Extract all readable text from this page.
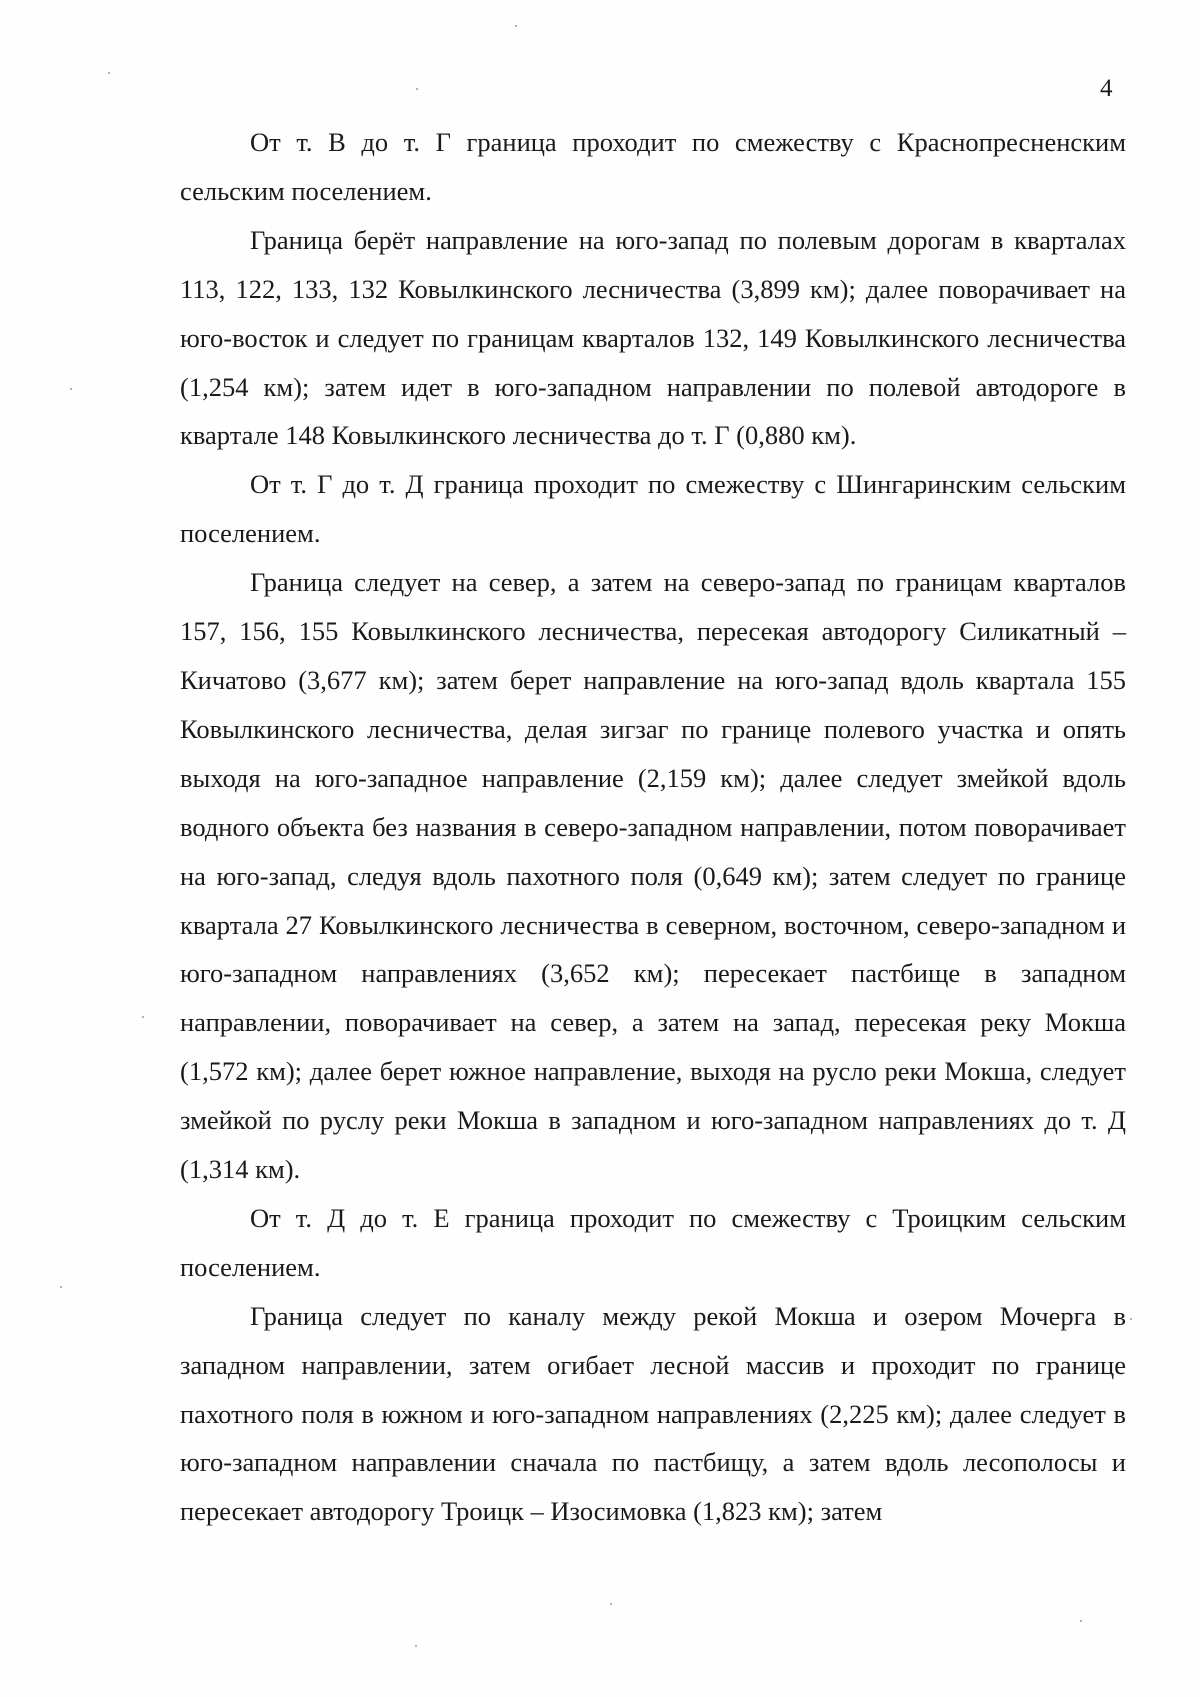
4

От т. В до т. Г граница проходит по смежеству с Краснопресненским сельским поселением.

Граница берёт направление на юго-запад по полевым дорогам в кварталах 113, 122, 133, 132 Ковылкинского лесничества (3,899 км); далее поворачивает на юго-восток и следует по границам кварталов 132, 149 Ковылкинского лесничества (1,254 км); затем идет в юго-западном направлении по полевой автодороге в квартале 148 Ковылкинского лесничества до т. Г (0,880 км).

От т. Г до т. Д граница проходит по смежеству с Шингаринским сельским поселением.

Граница следует на север, а затем на северо-запад по границам кварталов 157, 156, 155 Ковылкинского лесничества, пересекая автодорогу Силикатный – Кичатово (3,677 км); затем берет направление на юго-запад вдоль квартала 155 Ковылкинского лесничества, делая зигзаг по границе полевого участка и опять выходя на юго-западное направление (2,159 км); далее следует змейкой вдоль водного объекта без названия в северо-западном направлении, потом поворачивает на юго-запад, следуя вдоль пахотного поля (0,649 км); затем следует по границе квартала 27 Ковылкинского лесничества в северном, восточном, северо-западном и юго-западном направлениях (3,652 км); пересекает пастбище в западном направлении, поворачивает на север, а затем на запад, пересекая реку Мокша (1,572 км); далее берет южное направление, выходя на русло реки Мокша, следует змейкой по руслу реки Мокша в западном и юго-западном направлениях до т. Д (1,314 км).

От т. Д до т. Е граница проходит по смежеству с Троицким сельским поселением.

Граница следует по каналу между рекой Мокша и озером Мочерга в западном направлении, затем огибает лесной массив и проходит по границе пахотного поля в южном и юго-западном направлениях (2,225 км); далее следует в юго-западном направлении сначала по пастбищу, а затем вдоль лесополосы и пересекает автодорогу Троицк – Изосимовка (1,823 км); затем
